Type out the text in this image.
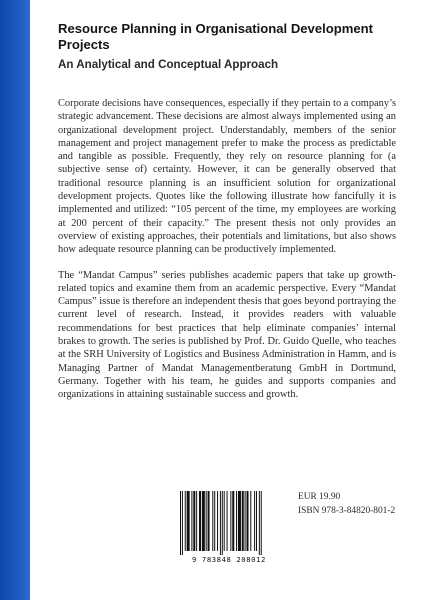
Resource Planning in Organisational Development Projects
An Analytical and Conceptual Approach

Corporate decisions have consequences, especially if they pertain to a company’s strategic advancement. These decisions are almost always implemented using an organizational development project. Understandably, members of the senior management and project management prefer to make the process as predictable and tangible as possible. Frequently, they rely on resource planning for (a subjective sense of) certainty. However, it can be generally observed that traditional resource planning is an insufficient solution for organizational development projects. Quotes like the following illustrate how fancifully it is implemented and utilized: “105 percent of the time, my employees are working at 200 percent of their capacity.” The present thesis not only provides an overview of existing approaches, their potentials and limitations, but also shows how adequate resource planning can be productively implemented.

The “Mandat Campus” series publishes academic papers that take up growth-related topics and examine them from an academic perspective. Every “Mandat Campus” issue is therefore an independent thesis that goes beyond portraying the current level of research. Instead, it provides readers with valuable recommendations for best practices that help eliminate companies’ internal brakes to growth. The series is published by Prof. Dr. Guido Quelle, who teaches at the SRH University of Logistics and Business Administration in Hamm, and is Managing Partner of Mandat Managementberatung GmbH in Dortmund, Germany. Together with his team, he guides and supports companies and organizations in attaining sustainable success and growth.

9 783848 208012
EUR 19.90
ISBN 978-3-84820-801-2
